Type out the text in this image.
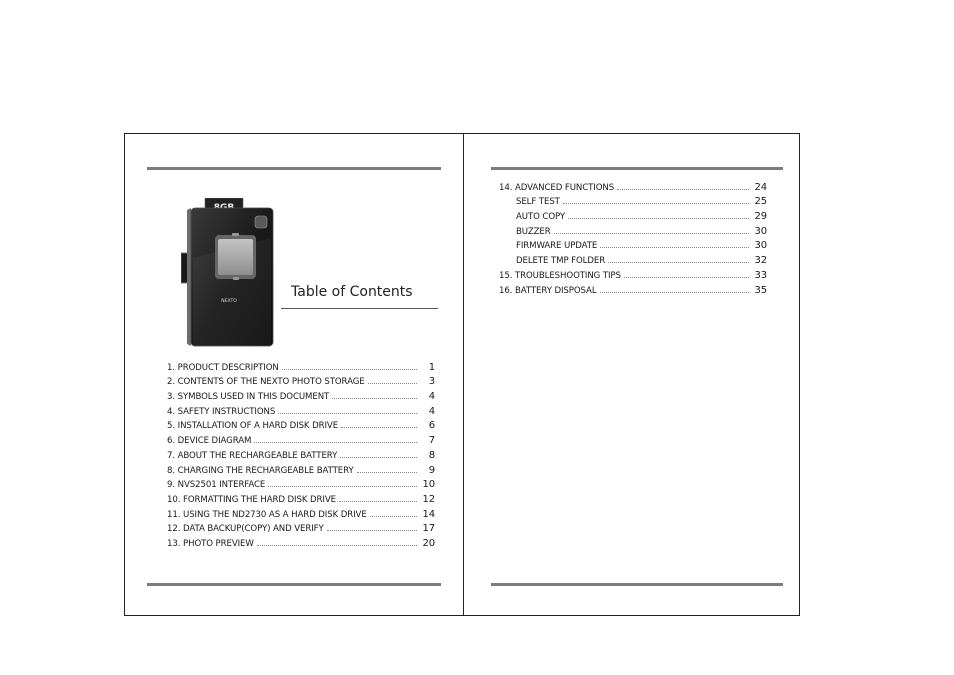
NEXTO
Table of Contents
1. PRODUCT DESCRIPTION	1
2. CONTENTS OF THE NEXTO PHOTO STORAGE	3
3. SYMBOLS USED IN THIS DOCUMENT	4
4. SAFETY INSTRUCTIONS	4
5. INSTALLATION OF A HARD DISK DRIVE	6
6. DEVICE DIAGRAM	7
7. ABOUT THE RECHARGEABLE BATTERY	8
8. CHARGING THE RECHARGEABLE BATTERY	9
9. NVS2501 INTERFACE	10
10. FORMATTING THE HARD DISK DRIVE	12
11. USING THE ND2730 AS A HARD DISK DRIVE	14
12. DATA BACKUP(COPY) AND VERIFY	17
13. PHOTO PREVIEW	20
14. ADVANCED FUNCTIONS	24
SELF TEST	25
AUTO COPY	29
BUZZER	30
FIRMWARE UPDATE	30
DELETE TMP FOLDER	32
15. TROUBLESHOOTING TIPS	33
16. BATTERY DISPOSAL	35
